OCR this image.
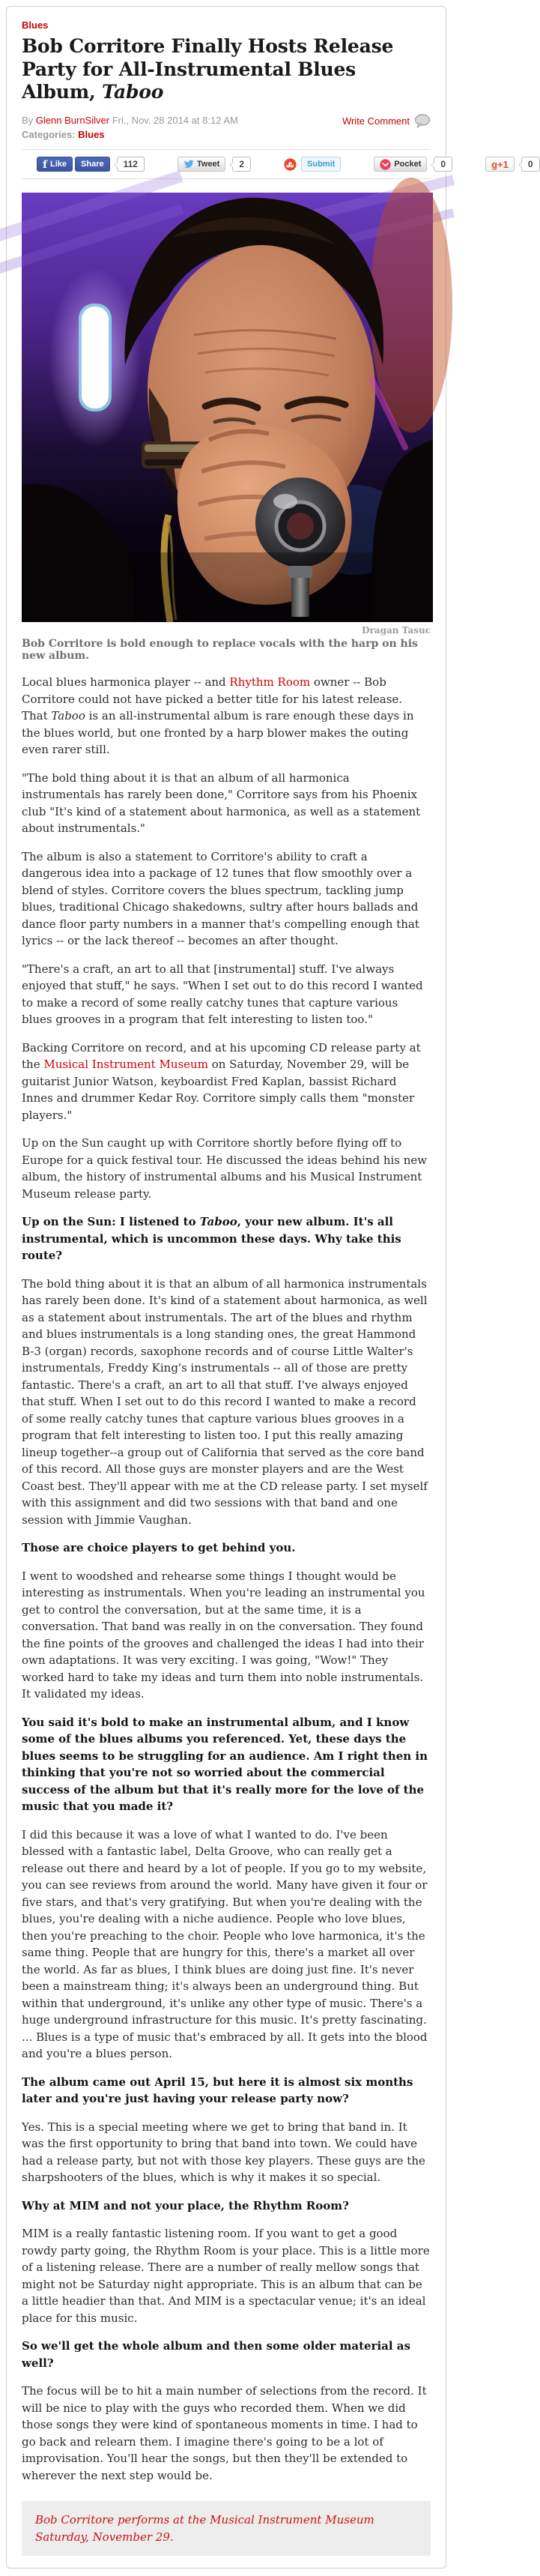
Blues
Bob Corritore Finally Hosts Release Party for All-Instrumental Blues Album, Taboo
By Glenn BurnSilver Fri., Nov. 28 2014 at 8:12 AM
Categories: Blues
Write Comment
f Like Share	112	Tweet	2	Submit	Pocket	0	g+1	0
Dragan Tasuc
Bob Corritore is bold enough to replace vocals with the harp on his new album.

Local blues harmonica player -- and Rhythm Room owner -- Bob Corritore could not have picked a better title for his latest release. That Taboo is an all-instrumental album is rare enough these days in the blues world, but one fronted by a harp blower makes the outing even rarer still.

"The bold thing about it is that an album of all harmonica instrumentals has rarely been done," Corritore says from his Phoenix club "It's kind of a statement about harmonica, as well as a statement about instrumentals."

The album is also a statement to Corritore's ability to craft a dangerous idea into a package of 12 tunes that flow smoothly over a blend of styles. Corritore covers the blues spectrum, tackling jump blues, traditional Chicago shakedowns, sultry after hours ballads and dance floor party numbers in a manner that's compelling enough that lyrics -- or the lack thereof -- becomes an after thought.

"There's a craft, an art to all that [instrumental] stuff. I've always enjoyed that stuff," he says. "When I set out to do this record I wanted to make a record of some really catchy tunes that capture various blues grooves in a program that felt interesting to listen too."

Backing Corritore on record, and at his upcoming CD release party at the Musical Instrument Museum on Saturday, November 29, will be guitarist Junior Watson, keyboardist Fred Kaplan, bassist Richard Innes and drummer Kedar Roy. Corritore simply calls them "monster players."

Up on the Sun caught up with Corritore shortly before flying off to Europe for a quick festival tour. He discussed the ideas behind his new album, the history of instrumental albums and his Musical Instrument Museum release party.

Up on the Sun: I listened to Taboo, your new album. It's all instrumental, which is uncommon these days. Why take this route?

The bold thing about it is that an album of all harmonica instrumentals has rarely been done. It's kind of a statement about harmonica, as well as a statement about instrumentals. The art of the blues and rhythm and blues instrumentals is a long standing ones, the great Hammond B-3 (organ) records, saxophone records and of course Little Walter's instrumentals, Freddy King's instrumentals -- all of those are pretty fantastic. There's a craft, an art to all that stuff. I've always enjoyed that stuff. When I set out to do this record I wanted to make a record of some really catchy tunes that capture various blues grooves in a program that felt interesting to listen too. I put this really amazing lineup together--a group out of California that served as the core band of this record. All those guys are monster players and are the West Coast best. They'll appear with me at the CD release party. I set myself with this assignment and did two sessions with that band and one session with Jimmie Vaughan.

Those are choice players to get behind you.

I went to woodshed and rehearse some things I thought would be interesting as instrumentals. When you're leading an instrumental you get to control the conversation, but at the same time, it is a conversation. That band was really in on the conversation. They found the fine points of the grooves and challenged the ideas I had into their own adaptations. It was very exciting. I was going, "Wow!" They worked hard to take my ideas and turn them into noble instrumentals. It validated my ideas.

You said it's bold to make an instrumental album, and I know some of the blues albums you referenced. Yet, these days the blues seems to be struggling for an audience. Am I right then in thinking that you're not so worried about the commercial success of the album but that it's really more for the love of the music that you made it?

I did this because it was a love of what I wanted to do. I've been blessed with a fantastic label, Delta Groove, who can really get a release out there and heard by a lot of people. If you go to my website, you can see reviews from around the world. Many have given it four or five stars, and that's very gratifying. But when you're dealing with the blues, you're dealing with a niche audience. People who love blues, then you're preaching to the choir. People who love harmonica, it's the same thing. People that are hungry for this, there's a market all over the world. As far as blues, I think blues are doing just fine. It's never been a mainstream thing; it's always been an underground thing. But within that underground, it's unlike any other type of music. There's a huge underground infrastructure for this music. It's pretty fascinating. ... Blues is a type of music that's embraced by all. It gets into the blood and you're a blues person.

The album came out April 15, but here it is almost six months later and you're just having your release party now?

Yes. This is a special meeting where we get to bring that band in. It was the first opportunity to bring that band into town. We could have had a release party, but not with those key players. These guys are the sharpshooters of the blues, which is why it makes it so special.

Why at MIM and not your place, the Rhythm Room?

MIM is a really fantastic listening room. If you want to get a good rowdy party going, the Rhythm Room is your place. This is a little more of a listening release. There are a number of really mellow songs that might not be Saturday night appropriate. This is an album that can be a little headier than that. And MIM is a spectacular venue; it's an ideal place for this music.

So we'll get the whole album and then some older material as well?

The focus will be to hit a main number of selections from the record. It will be nice to play with the guys who recorded them. When we did those songs they were kind of spontaneous moments in time. I had to go back and relearn them. I imagine there's going to be a lot of improvisation. You'll hear the songs, but then they'll be extended to wherever the next step would be.

Bob Corritore performs at the Musical Instrument Museum Saturday, November 29.
